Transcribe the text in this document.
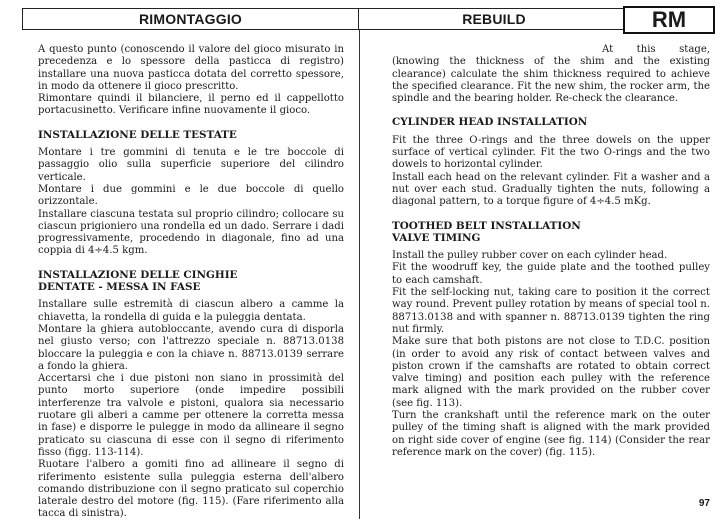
RIMONTAGGIO	REBUILD	RM

A questo punto (conoscendo il valore del gioco misurato in precedenza e lo spessore della pasticca di registro) installare una nuova pasticca dotata del corretto spessore, in modo da ottenere il gioco prescritto.

Rimontare quindi il bilanciere, il perno ed il cappellotto portacusinetto. Verificare infine nuovamente il gioco.

INSTALLAZIONE DELLE TESTATE

Montare i tre gommini di tenuta e le tre boccole di passaggio olio sulla superficie superiore del cilindro verticale.

Montare i due gommini e le due boccole di quello orizzontale.

Installare ciascuna testata sul proprio cilindro; collocare su ciascun prigioniero una rondella ed un dado. Serrare i dadi progressivamente, procedendo in diagonale, fino ad una coppia di 4÷4.5 kgm.

INSTALLAZIONE DELLE CINGHIE
DENTATE - MESSA IN FASE

Installare sulle estremità di ciascun albero a camme la chiavetta, la rondella di guida e la puleggia dentata.

Montare la ghiera autobloccante, avendo cura di disporla nel giusto verso; con l'attrezzo speciale n. 88713.0138 bloccare la puleggia e con la chiave n. 88713.0139 serrare a fondo la ghiera.

Accertarsi che i due pistoni non siano in prossimità del punto morto superiore (onde impedire possibili interferenze tra valvole e pistoni, qualora sia necessario ruotare gli alberi a camme per ottenere la corretta messa in fase) e disporre le pulegge in modo da allineare il segno praticato su ciascuna di esse con il segno di riferimento fisso (figg. 113-114).

Ruotare l'albero a gomiti fino ad allineare il segno di riferimento esistente sulla puleggia esterna dell'albero comando distribuzione con il segno praticato sul coperchio laterale destro del motore (fig. 115). (Fare riferimento alla tacca di sinistra).

At this stage, (knowing the thickness of the shim and the existing clearance) calculate the shim thickness required to achieve the specified clearance. Fit the new shim, the rocker arm, the spindle and the bearing holder. Re-check the clearance.

CYLINDER HEAD INSTALLATION

Fit the three O-rings and the three dowels on the upper surface of vertical cylinder. Fit the two O-rings and the two dowels to horizontal cylinder.

Install each head on the relevant cylinder. Fit a washer and a nut over each stud. Gradually tighten the nuts, following a diagonal pattern, to a torque figure of 4÷4.5 mKg.

TOOTHED BELT INSTALLATION
VALVE TIMING

Install the pulley rubber cover on each cylinder head.

Fit the woodruff key, the guide plate and the toothed pulley to each camshaft.

Fit the self-locking nut, taking care to position it the correct way round. Prevent pulley rotation by means of special tool n. 88713.0138 and with spanner n. 88713.0139 tighten the ring nut firmly.

Make sure that both pistons are not close to T.D.C. position (in order to avoid any risk of contact between valves and piston crown if the camshafts are rotated to obtain correct valve timing) and position each pulley with the reference mark aligned with the mark provided on the rubber cover (see fig. 113).

Turn the crankshaft until the reference mark on the outer pulley of the timing shaft is aligned with the mark provided on right side cover of engine (see fig. 114) (Consider the rear reference mark on the cover) (fig. 115).

97
